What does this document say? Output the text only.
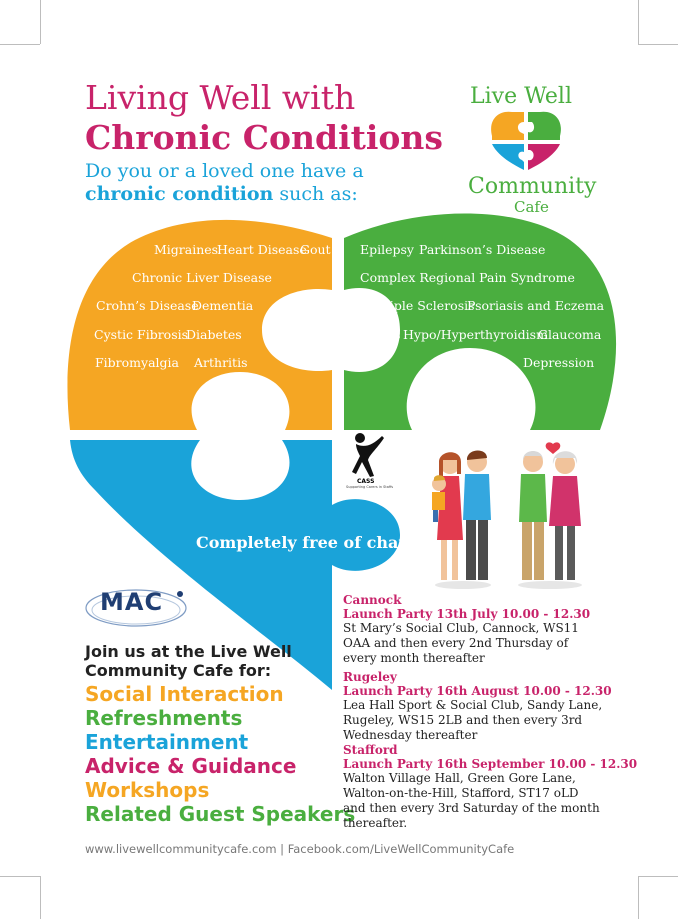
Live Well
Community
Cafe
Living Well with
Chronic Conditions
Do you or a loved one have a
chronic condition such as:
Migraines
Heart Disease
Gout
Chronic Liver Disease
Crohn’s Disease
Dementia
Cystic Fibrosis
Diabetes	COPD
Fibromyalgia Arthritis
Epilepsy Parkinson’s Disease
Complex Regional Pain Syndrome
Multiple Sclerosis
Psoriasis and Eczema
Colitis Hypo/Hyperthyroidism
Glaucoma
IBS	Depression
Completely free of charge
CASS
Supporting Carers in Staffs
MAC
Join us at the Live Well
Community Cafe for:
Social Interaction
Refreshments
Entertainment
Advice & Guidance
Workshops
Related Guest Speakers
Cannock
Launch Party 13th July 10.00 - 12.30
St Mary’s Social Club, Cannock, WS11 OAA and then every 2nd Thursday of every month thereafter
Rugeley
Launch Party 16th August 10.00 - 12.30
Lea Hall Sport & Social Club, Sandy Lane, Rugeley, WS15 2LB and then every 3rd Wednesday thereafter
Stafford
Launch Party 16th September 10.00 - 12.30
Walton Village Hall, Green Gore Lane, Walton-on-the-Hill, Stafford, ST17 oLD and then every 3rd Saturday of the month thereafter.
www.livewellcommunitycafe.com | Facebook.com/LiveWellCommunityCafe
